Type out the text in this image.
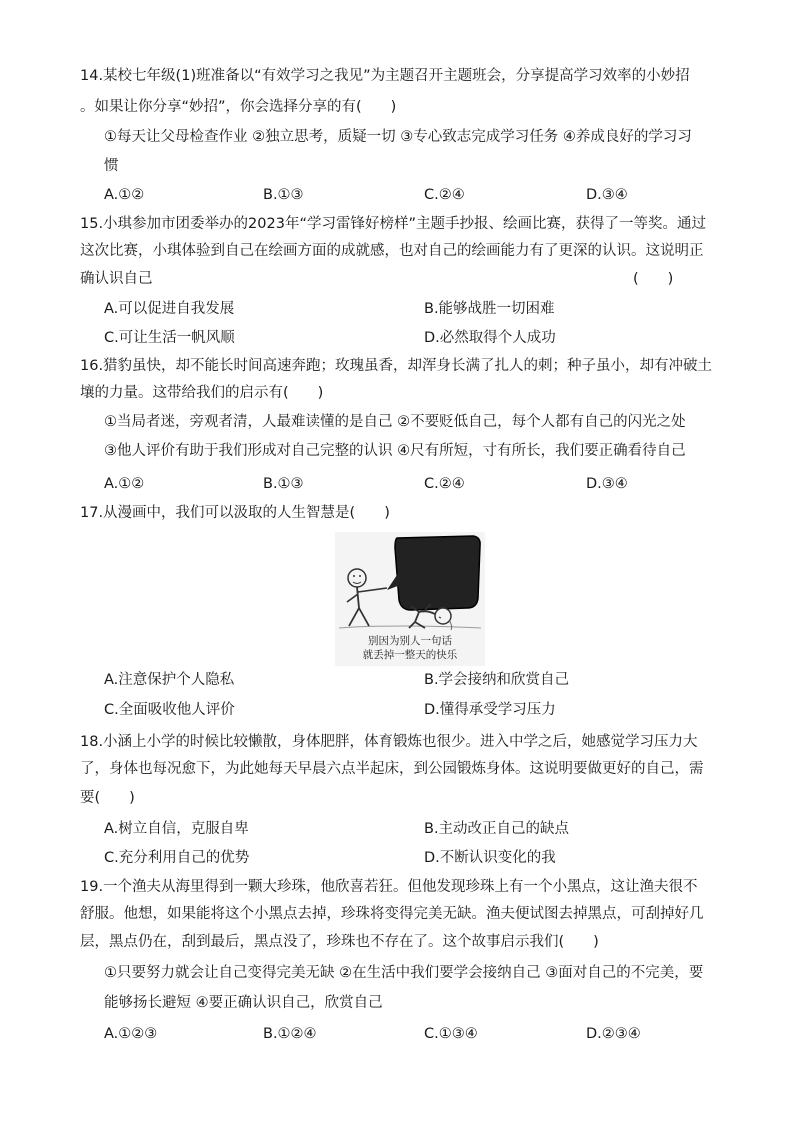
14.某校七年级(1)班准备以“有效学习之我见”为主题召开主题班会，分享提高学习效率的小妙招
。如果让你分享“妙招”，你会选择分享的有(　　)
①每天让父母检查作业 ②独立思考，质疑一切 ③专心致志完成学习任务 ④养成良好的学习习
惯
A.①②	B.①③	C.②④	D.③④
15.小琪参加市团委举办的2023年“学习雷锋好榜样”主题手抄报、绘画比赛，获得了一等奖。通过
这次比赛，小琪体验到自己在绘画方面的成就感，也对自己的绘画能力有了更深的认识。这说明正
确认识自己	(　　)
A.可以促进自我发展	B.能够战胜一切困难
C.可让生活一帆风顺	D.必然取得个人成功
16.猎豹虽快，却不能长时间高速奔跑；玫瑰虽香，却浑身长满了扎人的刺；种子虽小，却有冲破土
壤的力量。这带给我们的启示有(　　)
①当局者迷，旁观者清，人最难读懂的是自己 ②不要贬低自己，每个人都有自己的闪光之处
③他人评价有助于我们形成对自己完整的认识 ④尺有所短，寸有所长，我们要正确看待自己
A.①②	B.①③	C.②④	D.③④
17.从漫画中，我们可以汲取的人生智慧是(　　)
别因为别人一句话
就丢掉一整天的快乐
A.注意保护个人隐私	B.学会接纳和欣赏自己
C.全面吸收他人评价	D.懂得承受学习压力
18.小涵上小学的时候比较懒散，身体肥胖，体育锻炼也很少。进入中学之后，她感觉学习压力大
了，身体也每况愈下，为此她每天早晨六点半起床，到公园锻炼身体。这说明要做更好的自己，需
要(　　)
A.树立自信，克服自卑	B.主动改正自己的缺点
C.充分利用自己的优势	D.不断认识变化的我
19.一个渔夫从海里得到一颗大珍珠，他欣喜若狂。但他发现珍珠上有一个小黑点，这让渔夫很不
舒服。他想，如果能将这个小黑点去掉，珍珠将变得完美无缺。渔夫便试图去掉黑点，可刮掉好几
层，黑点仍在，刮到最后，黑点没了，珍珠也不存在了。这个故事启示我们(　　)
①只要努力就会让自己变得完美无缺 ②在生活中我们要学会接纳自己 ③面对自己的不完美，要
能够扬长避短 ④要正确认识自己，欣赏自己
A.①②③	B.①②④	C.①③④	D.②③④
